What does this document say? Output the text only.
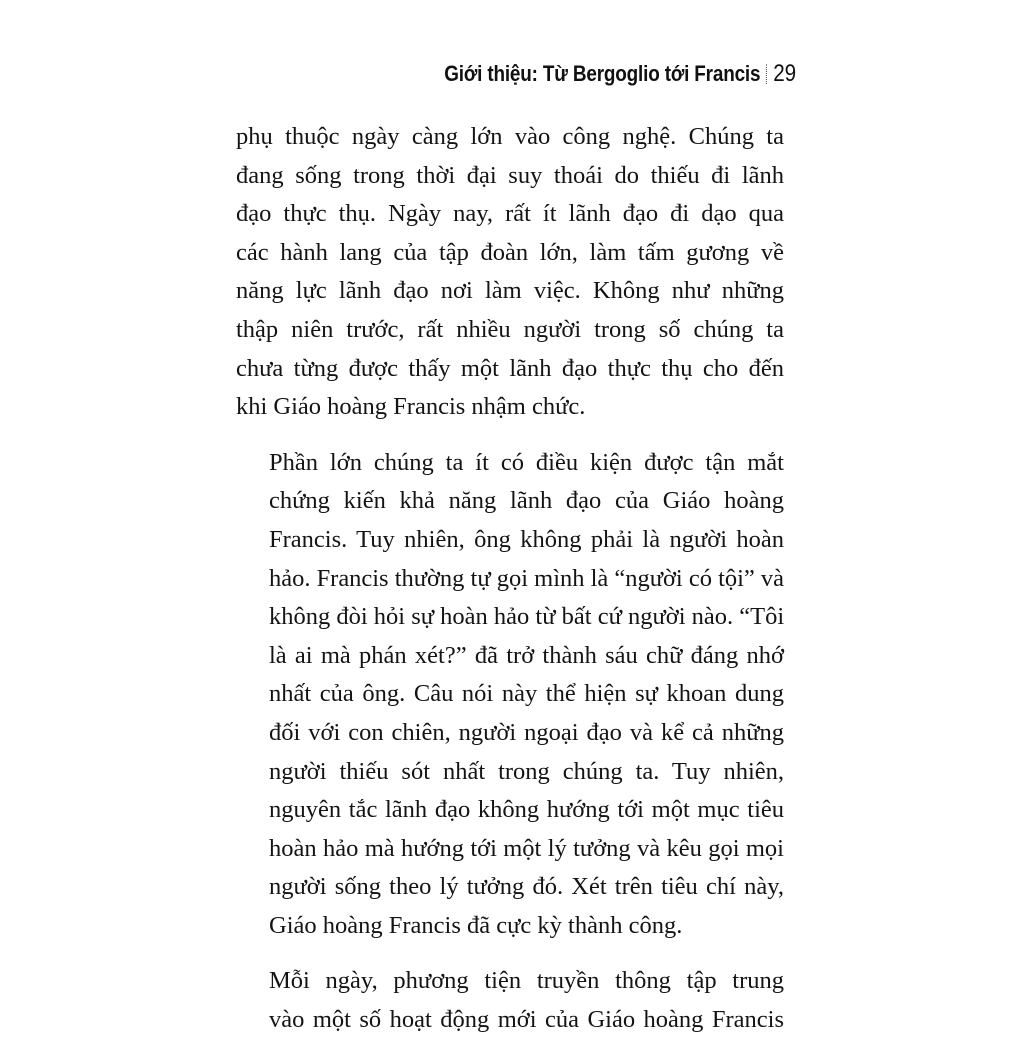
Giới thiệu: Từ Bergoglio tới Francis 29

phụ thuộc ngày càng lớn vào công nghệ. Chúng ta
đang sống trong thời đại suy thoái do thiếu đi lãnh
đạo thực thụ. Ngày nay, rất ít lãnh đạo đi dạo qua
các hành lang của tập đoàn lớn, làm tấm gương về
năng lực lãnh đạo nơi làm việc. Không như những
thập niên trước, rất nhiều người trong số chúng ta
chưa từng được thấy một lãnh đạo thực thụ cho đến
khi Giáo hoàng Francis nhậm chức.

Phần lớn chúng ta ít có điều kiện được tận mắt
chứng kiến khả năng lãnh đạo của Giáo hoàng
Francis. Tuy nhiên, ông không phải là người hoàn
hảo. Francis thường tự gọi mình là “người có tội” và
không đòi hỏi sự hoàn hảo từ bất cứ người nào. “Tôi
là ai mà phán xét?” đã trở thành sáu chữ đáng nhớ
nhất của ông. Câu nói này thể hiện sự khoan dung
đối với con chiên, người ngoại đạo và kể cả những
người thiếu sót nhất trong chúng ta. Tuy nhiên,
nguyên tắc lãnh đạo không hướng tới một mục tiêu
hoàn hảo mà hướng tới một lý tưởng và kêu gọi mọi
người sống theo lý tưởng đó. Xét trên tiêu chí này,
Giáo hoàng Francis đã cực kỳ thành công.

Mỗi ngày, phương tiện truyền thông tập trung
vào một số hoạt động mới của Giáo hoàng Francis
